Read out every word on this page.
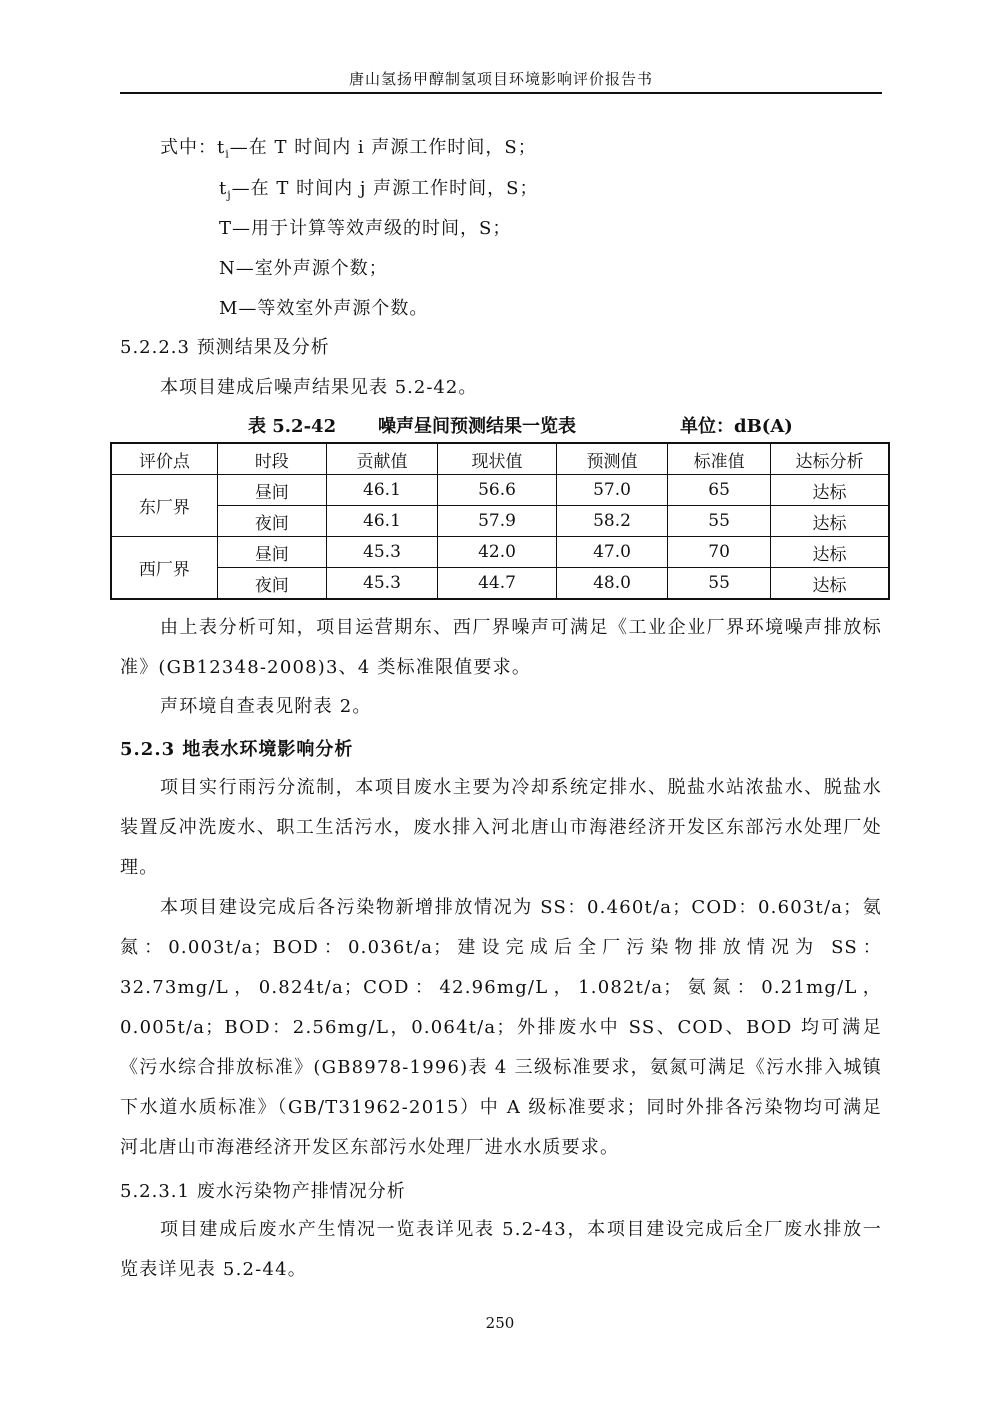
唐山氢扬甲醇制氢项目环境影响评价报告书
式中：$t_i—$在 T 时间内 i 声源工作时间，S；
$t_j—$在 T 时间内 j 声源工作时间，S；
T—用于计算等效声级的时间，S；
N—室外声源个数；
M—等效室外声源个数。
5.2.2.3 预测结果及分析
本项目建成后噪声结果见表 5.2-42。
表 5.2-42 噪声昼间预测结果一览表	单位：dB(A)
评价点	时段	贡献值	现状值	预测值	标准值	达标分析
东厂界	昼间	46.1	56.6	57.0	65	达标
	夜间	46.1	57.9	58.2	55	达标
西厂界	昼间	45.3	42.0	47.0	70	达标
	夜间	45.3	44.7	48.0	55	达标
由上表分析可知，项目运营期东、西厂界噪声可满足《工业企业厂界环境噪声排放标准》(GB12348-2008)3、4 类标准限值要求。
声环境自查表见附表 2。
5.2.3 地表水环境影响分析
项目实行雨污分流制，本项目废水主要为冷却系统定排水、脱盐水站浓盐水、脱盐水装置反冲洗废水、职工生活污水，废水排入河北唐山市海港经济开发区东部污水处理厂处理。
本项目建设完成后各污染物新增排放情况为 SS：0.460t/a；COD：0.603t/a；氨氮：0.003t/a；BOD：0.036t/a；建设完成后全厂污染物排放情况为 SS：32.73mg/L，0.824t/a；COD：42.96mg/L，1.082t/a；氨氮：0.21mg/L，0.005t/a；BOD：2.56mg/L，0.064t/a；外排废水中 SS、COD、BOD 均可满足《污水综合排放标准》(GB8978-1996)表 4 三级标准要求，氨氮可满足《污水排入城镇下水道水质标准》（GB/T31962-2015）中 A 级标准要求；同时外排各污染物均可满足河北唐山市海港经济开发区东部污水处理厂进水水质要求。
5.2.3.1 废水污染物产排情况分析
项目建成后废水产生情况一览表详见表 5.2-43，本项目建设完成后全厂废水排放一览表详见表 5.2-44。
250
